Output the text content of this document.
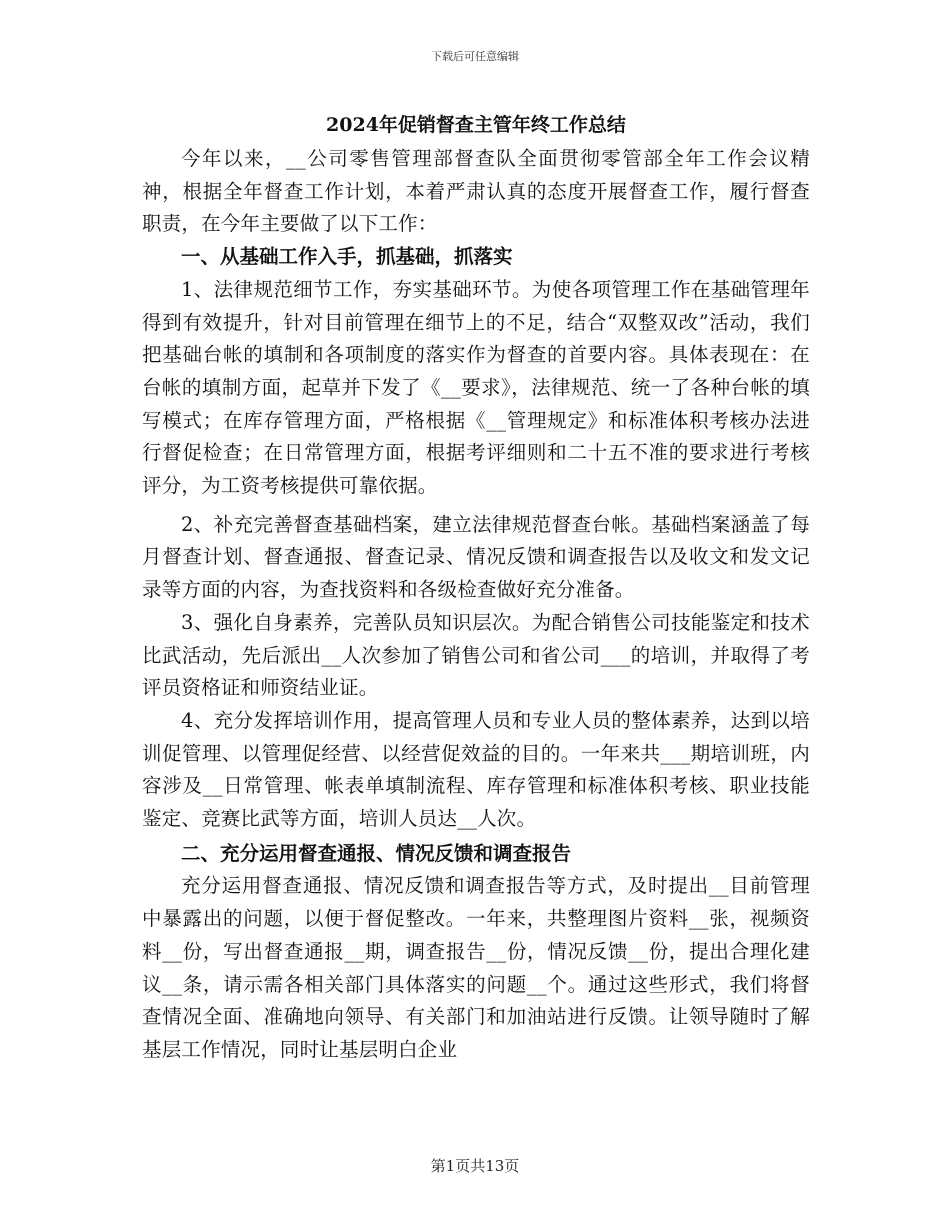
下载后可任意编辑
2024年促销督查主管年终工作总结

今年以来，__公司零售管理部督查队全面贯彻零管部全年工作会议精神，根据全年督查工作计划，本着严肃认真的态度开展督查工作，履行督查职责，在今年主要做了以下工作：

一、从基础工作入手，抓基础，抓落实

1、法律规范细节工作，夯实基础环节。为使各项管理工作在基础管理年得到有效提升，针对目前管理在细节上的不足，结合“双整双改”活动，我们把基础台帐的填制和各项制度的落实作为督查的首要内容。具体表现在：在台帐的填制方面，起草并下发了《__要求》，法律规范、统一了各种台帐的填写模式；在库存管理方面，严格根据《__管理规定》和标准体积考核办法进行督促检查；在日常管理方面，根据考评细则和二十五不准的要求进行考核评分，为工资考核提供可靠依据。

2、补充完善督查基础档案，建立法律规范督查台帐。基础档案涵盖了每月督查计划、督查通报、督查记录、情况反馈和调查报告以及收文和发文记录等方面的内容，为查找资料和各级检查做好充分准备。

3、强化自身素养，完善队员知识层次。为配合销售公司技能鉴定和技术比武活动，先后派出__人次参加了销售公司和省公司___的培训，并取得了考评员资格证和师资结业证。

4、充分发挥培训作用，提高管理人员和专业人员的整体素养，达到以培训促管理、以管理促经营、以经营促效益的目的。一年来共___期培训班，内容涉及__日常管理、帐表单填制流程、库存管理和标准体积考核、职业技能鉴定、竞赛比武等方面，培训人员达__人次。

二、充分运用督查通报、情况反馈和调查报告

充分运用督查通报、情况反馈和调查报告等方式，及时提出__目前管理中暴露出的问题，以便于督促整改。一年来，共整理图片资料__张，视频资料__份，写出督查通报__期，调查报告__份，情况反馈__份，提出合理化建议__条，请示需各相关部门具体落实的问题__个。通过这些形式，我们将督查情况全面、准确地向领导、有关部门和加油站进行反馈。让领导随时了解基层工作情况，同时让基层明白企业

第1页共13页
